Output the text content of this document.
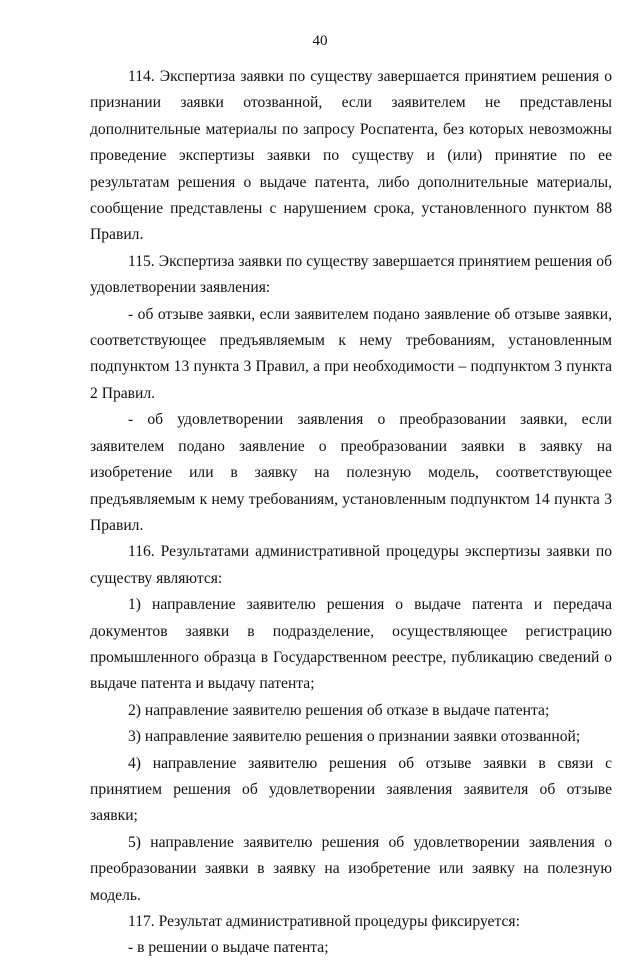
40

114. Экспертиза заявки по существу завершается принятием решения о признании заявки отозванной, если заявителем не представлены дополнительные материалы по запросу Роспатента, без которых невозможны проведение экспертизы заявки по существу и (или) принятие по ее результатам решения о выдаче патента, либо дополнительные материалы, сообщение представлены с нарушением срока, установленного пунктом 88 Правил.

115. Экспертиза заявки по существу завершается принятием решения об удовлетворении заявления:

- об отзыве заявки, если заявителем подано заявление об отзыве заявки, соответствующее предъявляемым к нему требованиям, установленным подпунктом 13 пункта 3 Правил, а при необходимости – подпунктом 3 пункта 2 Правил.

- об удовлетворении заявления о преобразовании заявки, если заявителем подано заявление о преобразовании заявки в заявку на изобретение или в заявку на полезную модель, соответствующее предъявляемым к нему требованиям, установленным подпунктом 14 пункта 3 Правил.

116. Результатами административной процедуры экспертизы заявки по существу являются:

1) направление заявителю решения о выдаче патента и передача документов заявки в подразделение, осуществляющее регистрацию промышленного образца в Государственном реестре, публикацию сведений о выдаче патента и выдачу патента;

2) направление заявителю решения об отказе в выдаче патента;

3) направление заявителю решения о признании заявки отозванной;

4) направление заявителю решения об отзыве заявки в связи с принятием решения об удовлетворении заявления заявителя об отзыве заявки;

5) направление заявителю решения об удовлетворении заявления о преобразовании заявки в заявку на изобретение или заявку на полезную модель.

117. Результат административной процедуры фиксируется:

- в решении о выдаче патента;
